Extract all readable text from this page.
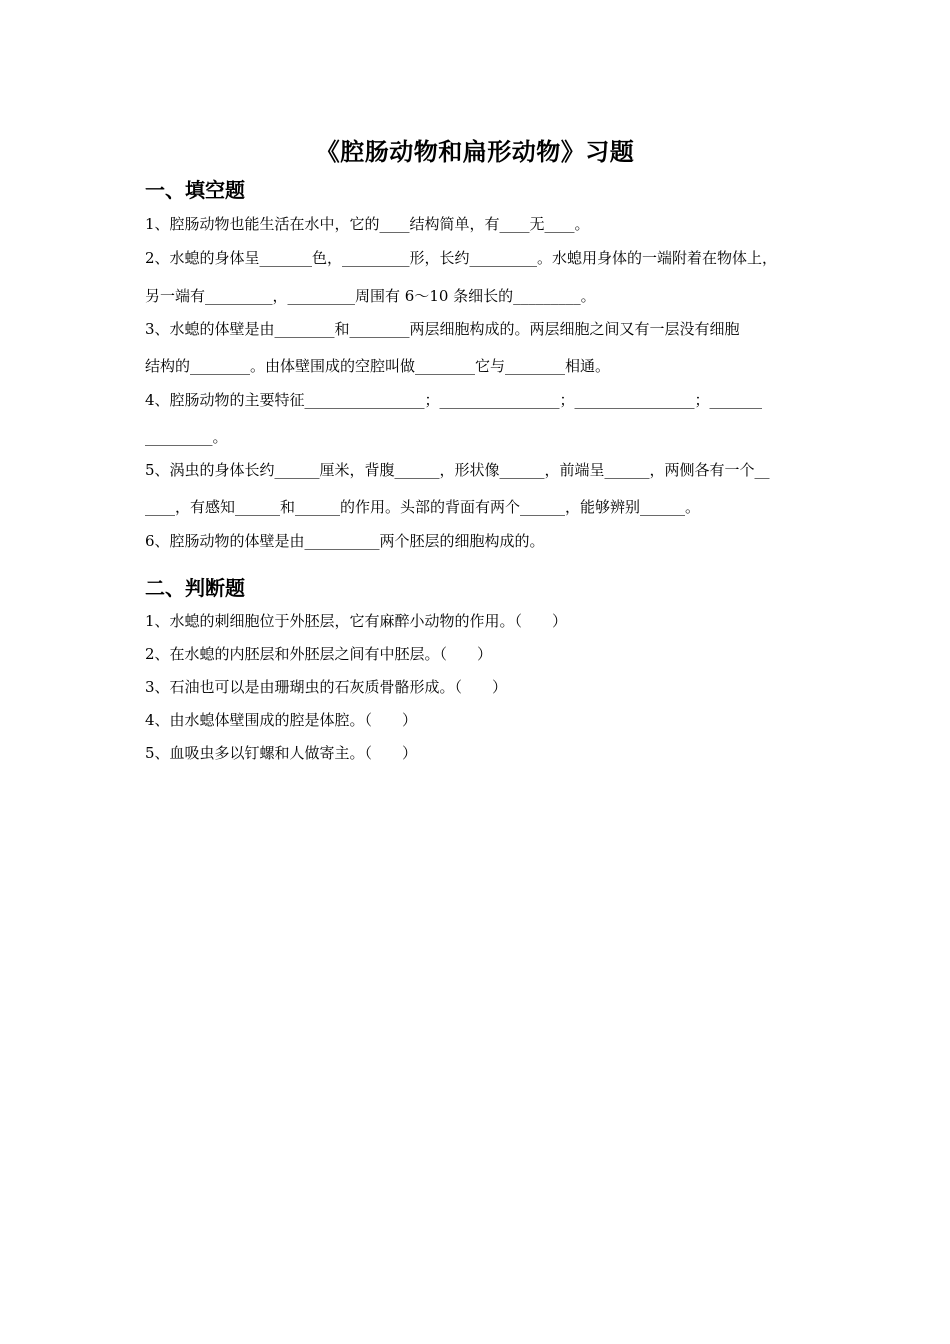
《腔肠动物和扁形动物》习题
一、填空题
1、腔肠动物也能生活在水中，它的____结构简单，有____无____。
2、水螅的身体呈_______色，_________形，长约_________。水螅用身体的一端附着在物体上，
另一端有_________，_________周围有 6～10 条细长的_________。
3、水螅的体壁是由________和________两层细胞构成的。两层细胞之间又有一层没有细胞
结构的________。由体壁围成的空腔叫做________它与________相通。
4、腔肠动物的主要特征________________；________________；________________；_______
_________。
5、涡虫的身体长约______厘米，背腹______，形状像______，前端呈______，两侧各有一个__
____，有感知______和______的作用。头部的背面有两个______，能够辨别______。
6、腔肠动物的体壁是由__________两个胚层的细胞构成的。
二、判断题
1、水螅的刺细胞位于外胚层，它有麻醉小动物的作用。（　　）
2、在水螅的内胚层和外胚层之间有中胚层。（　　）
3、石油也可以是由珊瑚虫的石灰质骨骼形成。（　　）
4、由水螅体壁围成的腔是体腔。（　　）
5、血吸虫多以钉螺和人做寄主。（　　）
